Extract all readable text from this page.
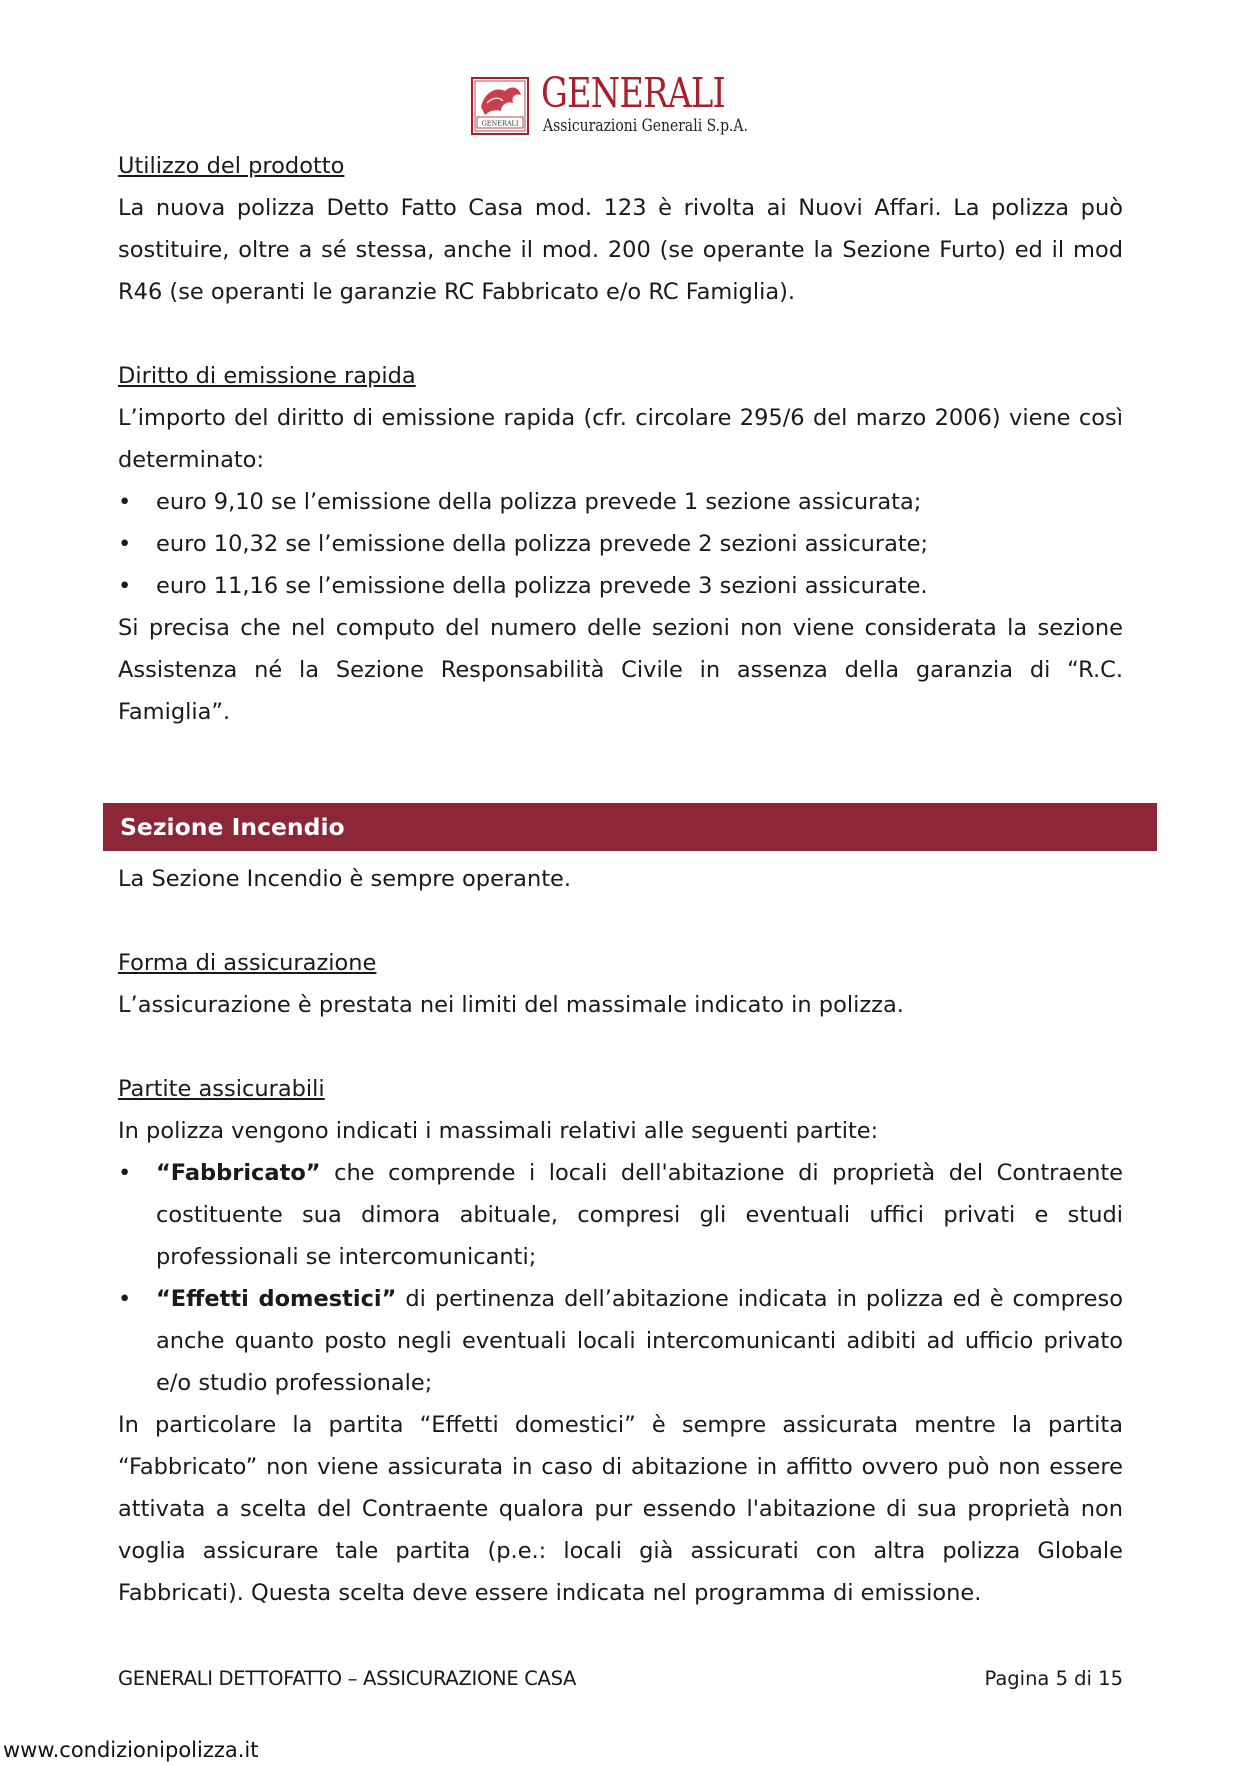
GENERALI
GENERALI
Assicurazioni Generali S.p.A.

Utilizzo del prodotto

La nuova polizza Detto Fatto Casa mod. 123 è rivolta ai Nuovi Affari. La polizza può sostituire, oltre a sé stessa, anche il mod. 200 (se operante la Sezione Furto) ed il mod R46 (se operanti le garanzie RC Fabbricato e/o RC Famiglia).

Diritto di emissione rapida

L’importo del diritto di emissione rapida (cfr. circolare 295/6 del marzo 2006) viene così determinato:

• euro 9,10 se l’emissione della polizza prevede 1 sezione assicurata;
• euro 10,32 se l’emissione della polizza prevede 2 sezioni assicurate;
• euro 11,16 se l’emissione della polizza prevede 3 sezioni assicurate.

Si precisa che nel computo del numero delle sezioni non viene considerata la sezione Assistenza né la Sezione Responsabilità Civile in assenza della garanzia di “R.C. Famiglia”.

Sezione Incendio

La Sezione Incendio è sempre operante.

Forma di assicurazione

L’assicurazione è prestata nei limiti del massimale indicato in polizza.

Partite assicurabili

In polizza vengono indicati i massimali relativi alle seguenti partite:

• “Fabbricato” che comprende i locali dell'abitazione di proprietà del Contraente costituente sua dimora abituale, compresi gli eventuali uffici privati e studi professionali se intercomunicanti;
• “Effetti domestici” di pertinenza dell’abitazione indicata in polizza ed è compreso anche quanto posto negli eventuali locali intercomunicanti adibiti ad ufficio privato e/o studio professionale;

In particolare la partita “Effetti domestici” è sempre assicurata mentre la partita “Fabbricato” non viene assicurata in caso di abitazione in affitto ovvero può non essere attivata a scelta del Contraente qualora pur essendo l'abitazione di sua proprietà non voglia assicurare tale partita (p.e.: locali già assicurati con altra polizza Globale Fabbricati). Questa scelta deve essere indicata nel programma di emissione.

GENERALI DETTOFATTO – ASSICURAZIONE CASA	Pagina 5 di 15
www.condizionipolizza.it
